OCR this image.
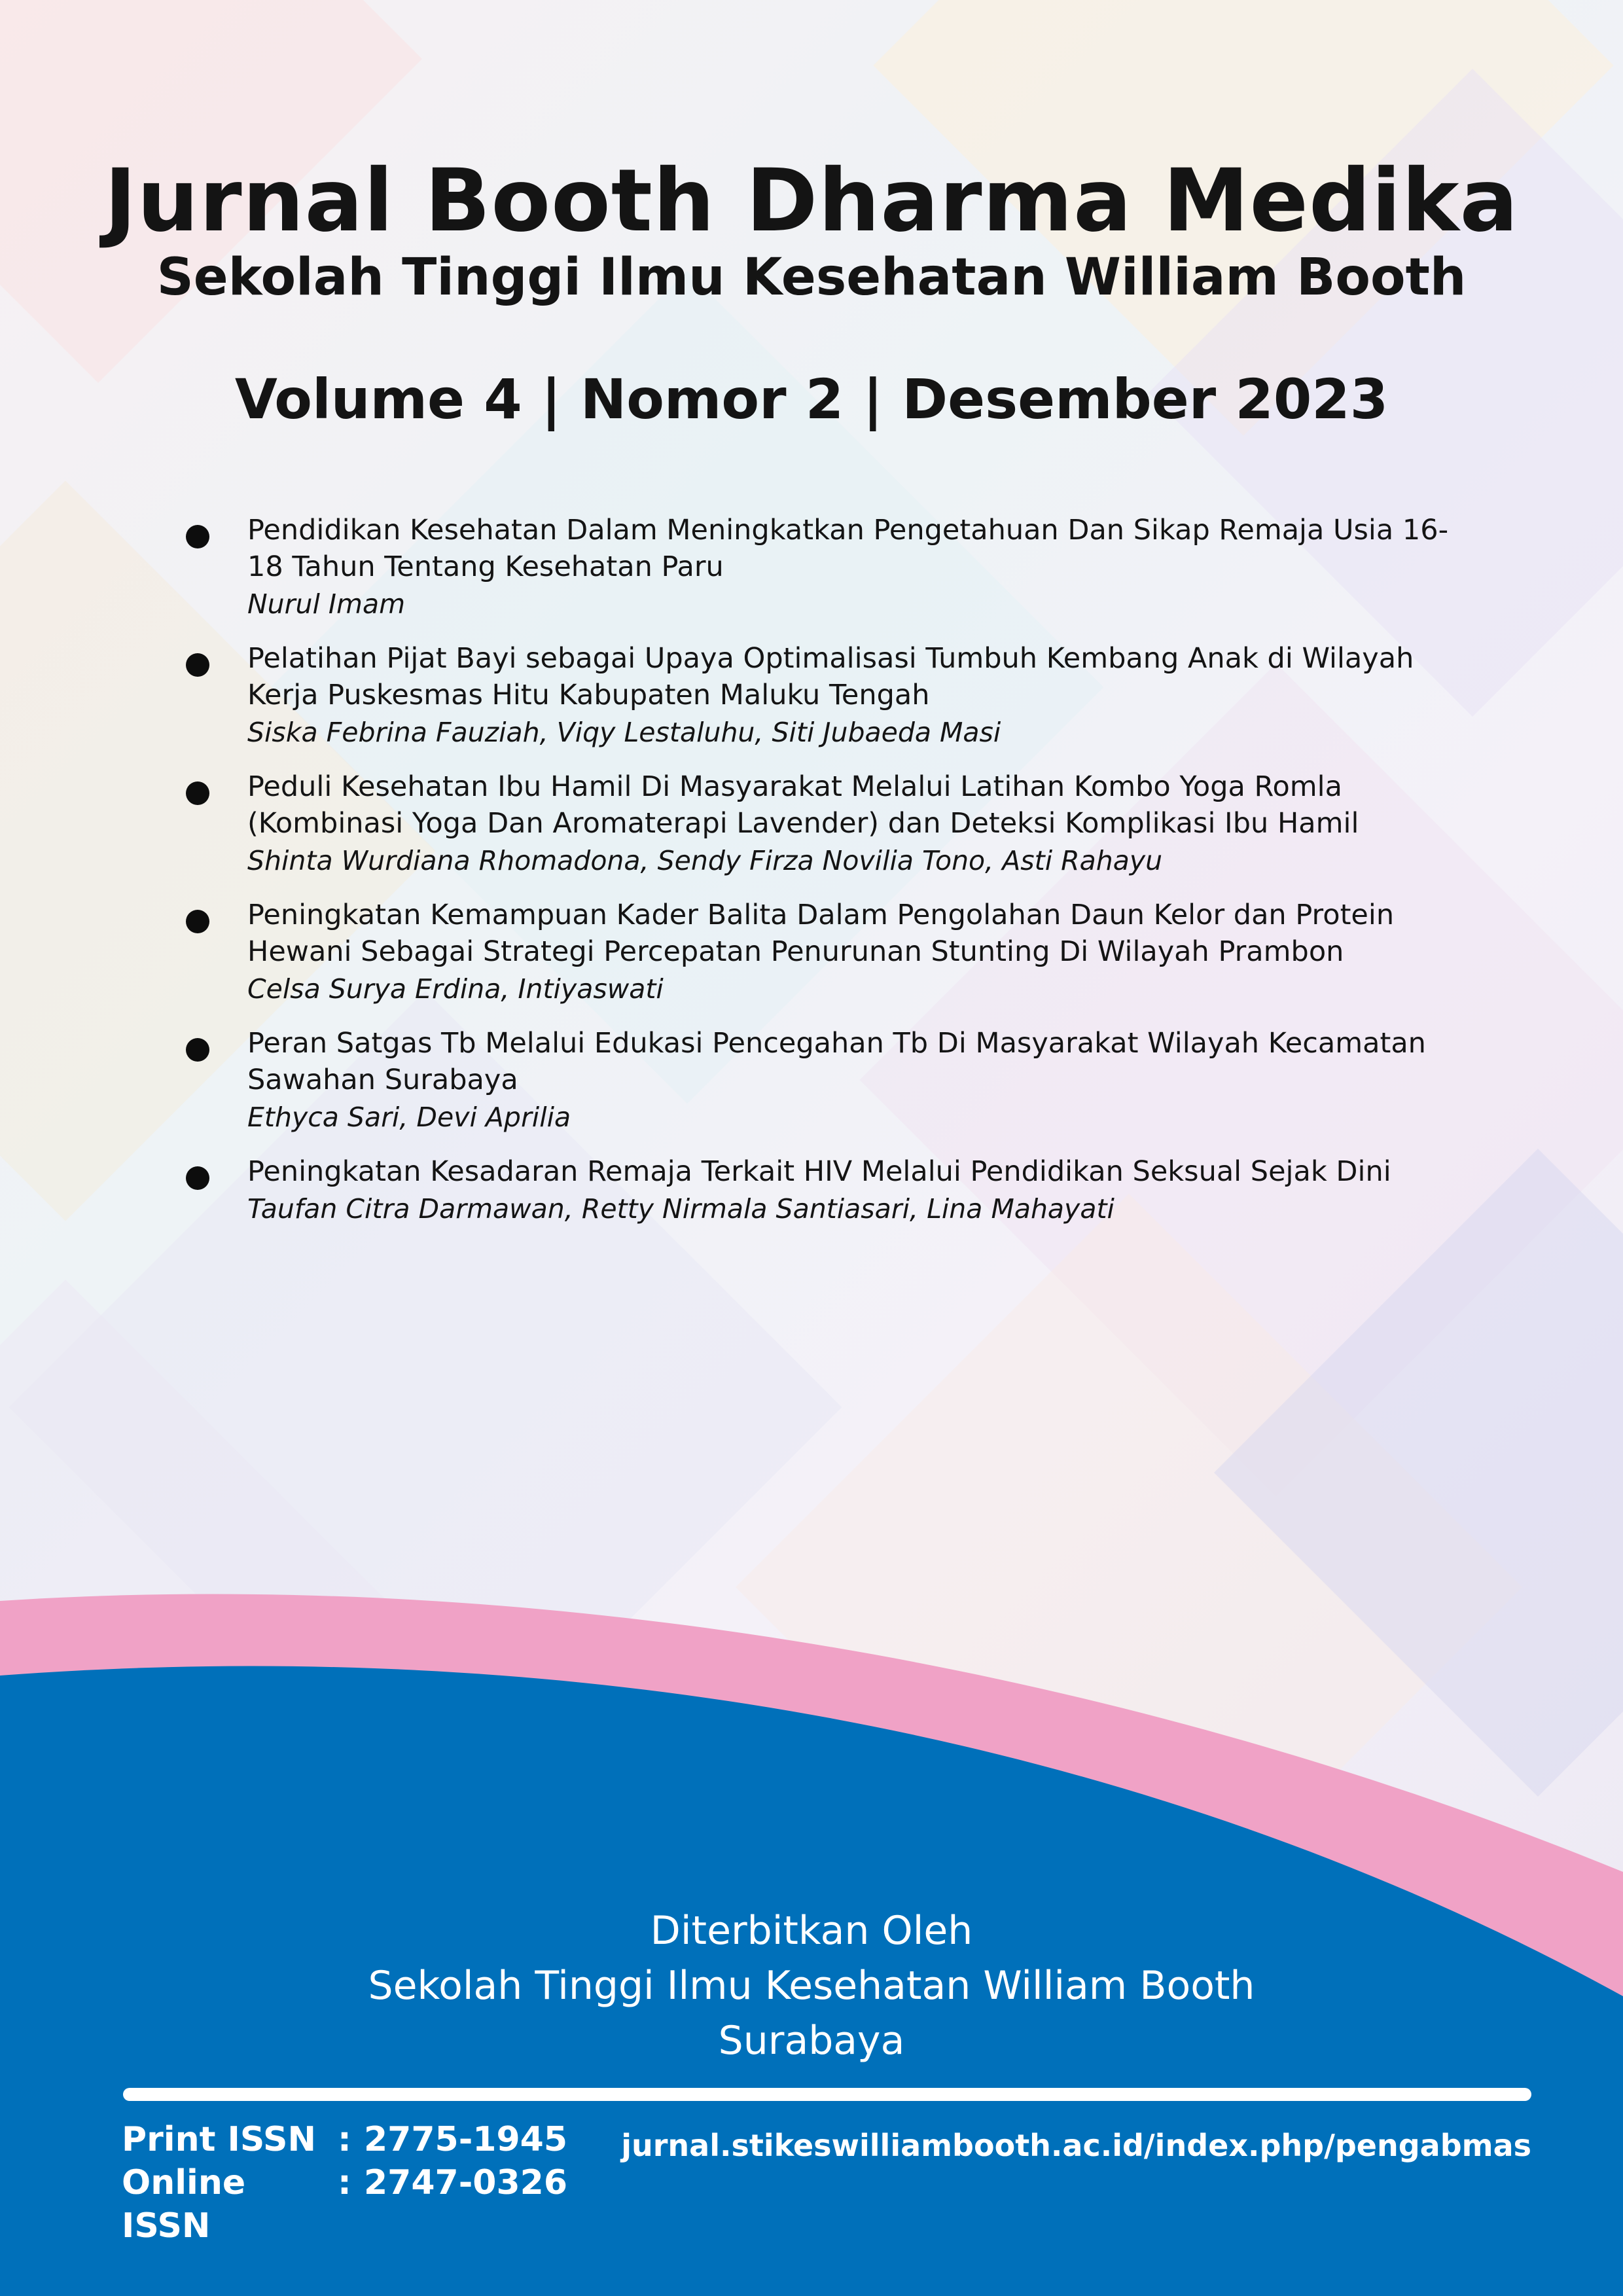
Jurnal Booth Dharma Medika
Sekolah Tinggi Ilmu Kesehatan William Booth
Volume 4 | Nomor 2 | Desember 2023
Pendidikan Kesehatan Dalam Meningkatkan Pengetahuan Dan Sikap Remaja Usia 16-18 Tahun Tentang Kesehatan Paru
Nurul Imam
Pelatihan Pijat Bayi sebagai Upaya Optimalisasi Tumbuh Kembang Anak di Wilayah Kerja Puskesmas Hitu Kabupaten Maluku Tengah
Siska Febrina Fauziah, Viqy Lestaluhu, Siti Jubaeda Masi
Peduli Kesehatan Ibu Hamil Di Masyarakat Melalui Latihan Kombo Yoga Romla (Kombinasi Yoga Dan Aromaterapi Lavender) dan Deteksi Komplikasi Ibu Hamil
Shinta Wurdiana Rhomadona, Sendy Firza Novilia Tono, Asti Rahayu
Peningkatan Kemampuan Kader Balita Dalam Pengolahan Daun Kelor dan Protein Hewani Sebagai Strategi Percepatan Penurunan Stunting Di Wilayah Prambon
Celsa Surya Erdina, Intiyaswati
Peran Satgas Tb Melalui Edukasi Pencegahan Tb Di Masyarakat Wilayah Kecamatan Sawahan Surabaya
Ethyca Sari, Devi Aprilia
Peningkatan Kesadaran Remaja Terkait HIV Melalui Pendidikan Seksual Sejak Dini
Taufan Citra Darmawan, Retty Nirmala Santiasari, Lina Mahayati
Diterbitkan Oleh
Sekolah Tinggi Ilmu Kesehatan William Booth
Surabaya
Print ISSN : 2775-1945
Online ISSN
: 2747-0326
jurnal.stikeswilliambooth.ac.id/index.php/pengabmas
